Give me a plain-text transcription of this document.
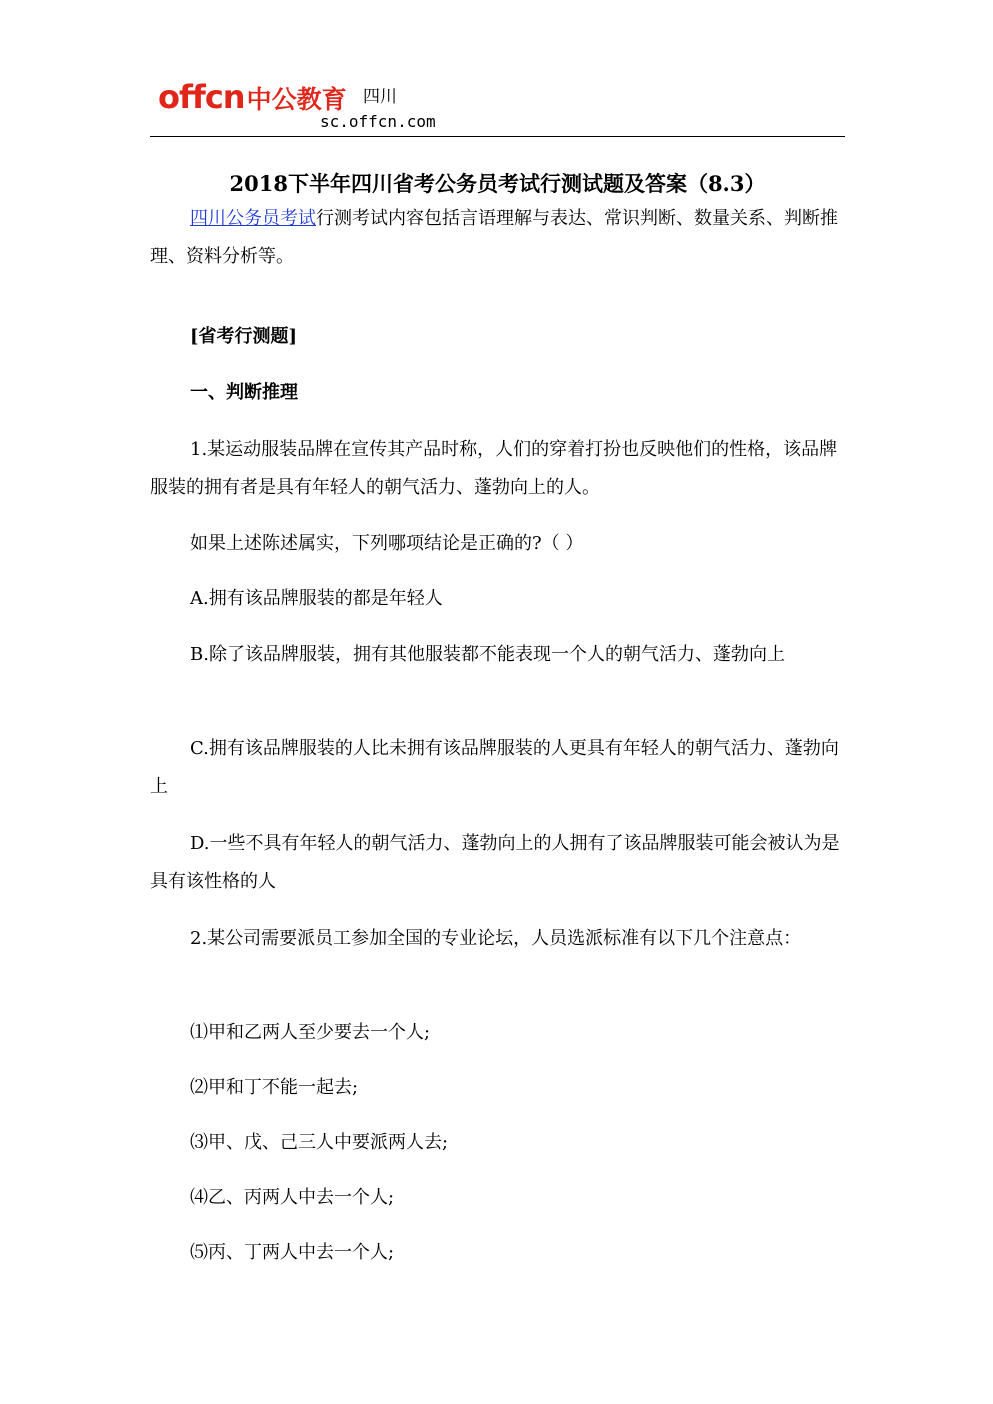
offcn 中公教育 四川
sc.offcn.com
2018下半年四川省考公务员考试行测试题及答案（8.3）

四川公务员考试行测考试内容包括言语理解与表达、常识判断、数量关系、判断推理、资料分析等。

[省考行测题]

一、判断推理

1.某运动服装品牌在宣传其产品时称，人们的穿着打扮也反映他们的性格，该品牌服装的拥有者是具有年轻人的朝气活力、蓬勃向上的人。

如果上述陈述属实，下列哪项结论是正确的?（ ）

A.拥有该品牌服装的都是年轻人

B.除了该品牌服装，拥有其他服装都不能表现一个人的朝气活力、蓬勃向上

C.拥有该品牌服装的人比未拥有该品牌服装的人更具有年轻人的朝气活力、蓬勃向上

D.一些不具有年轻人的朝气活力、蓬勃向上的人拥有了该品牌服装可能会被认为是具有该性格的人

2.某公司需要派员工参加全国的专业论坛，人员选派标准有以下几个注意点：

⑴甲和乙两人至少要去一个人;

⑵甲和丁不能一起去;

⑶甲、戊、己三人中要派两人去;

⑷乙、丙两人中去一个人;

⑸丙、丁两人中去一个人;
